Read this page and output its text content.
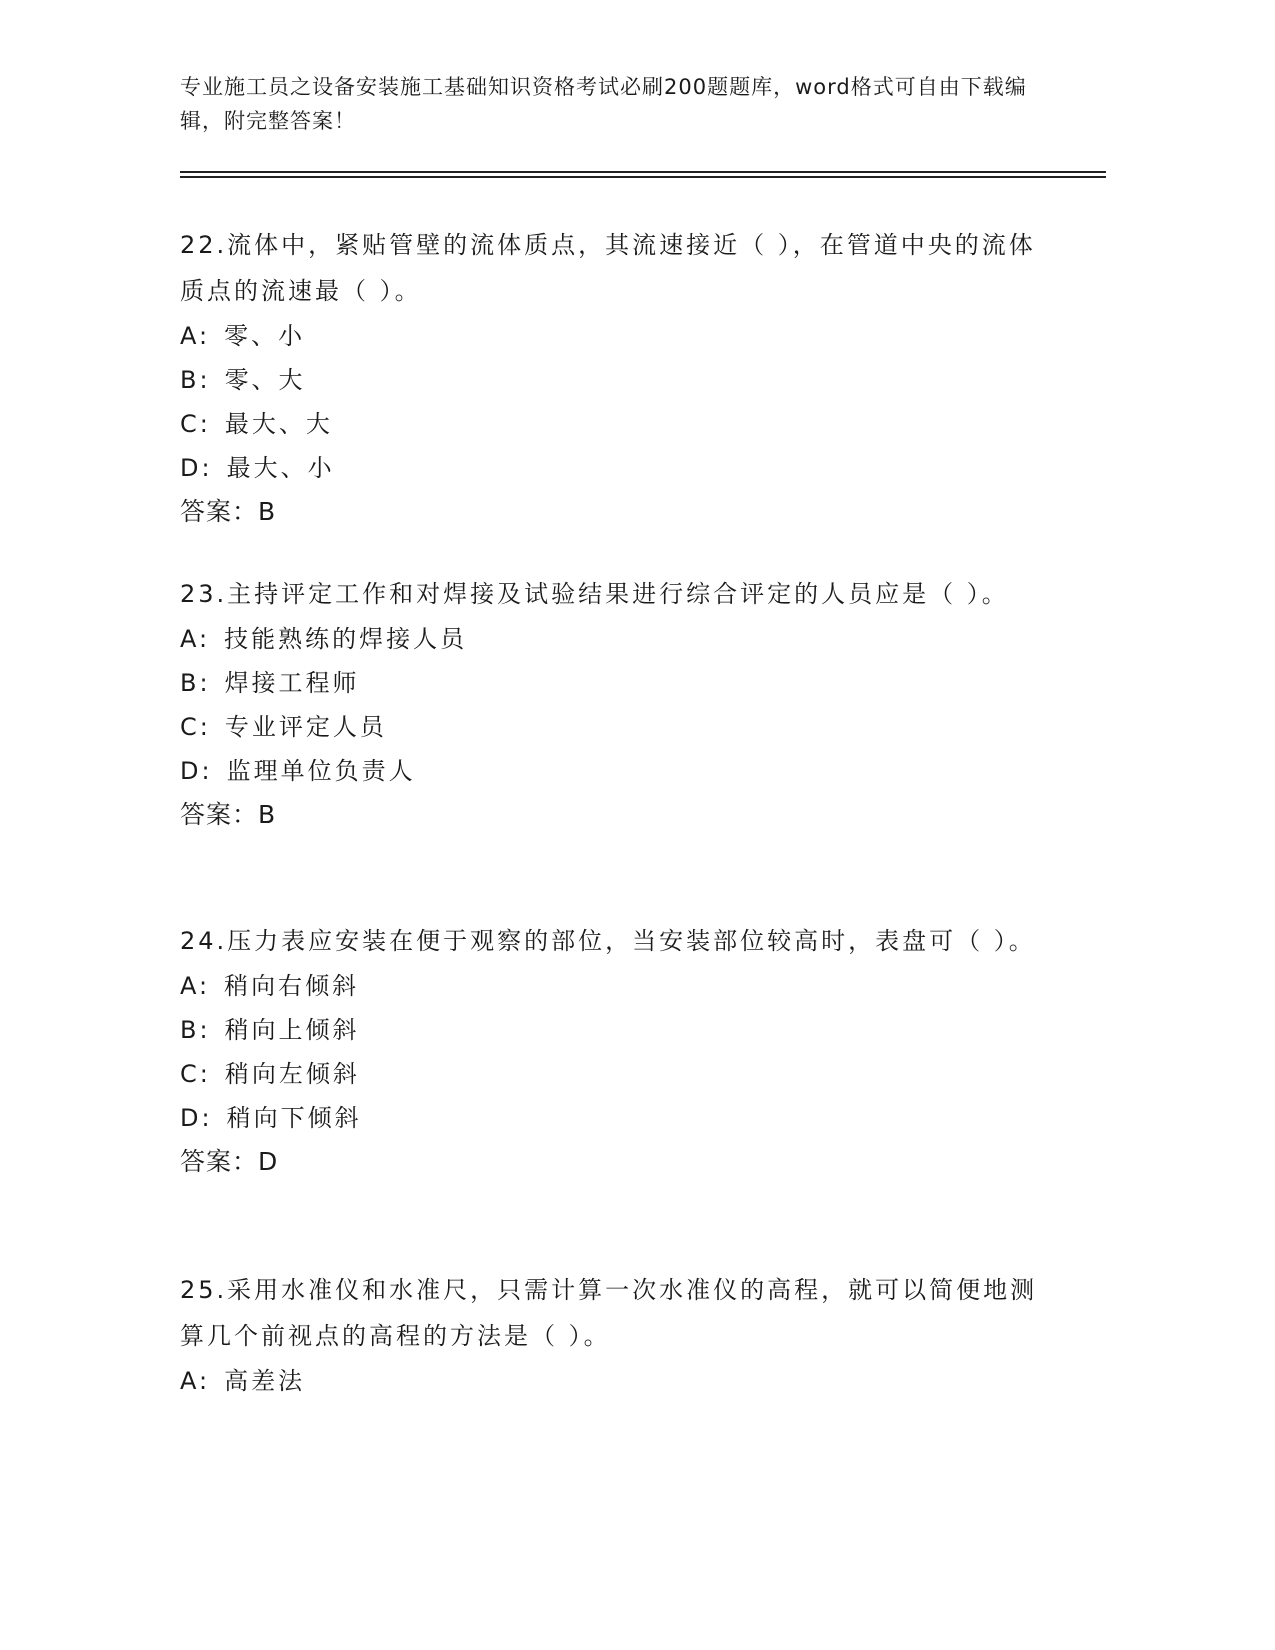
专业施工员之设备安装施工基础知识资格考试必刷200题题库，word格式可自由下载编辑，附完整答案！

22.流体中，紧贴管壁的流体质点，其流速接近（ ），在管道中央的流体质点的流速最（ ）。

A: 零、小

B: 零、大

C: 最大、大

D: 最大、小

答案：B

23.主持评定工作和对焊接及试验结果进行综合评定的人员应是（ ）。

A: 技能熟练的焊接人员

B: 焊接工程师

C: 专业评定人员

D: 监理单位负责人

答案：B

24.压力表应安装在便于观察的部位，当安装部位较高时，表盘可（ ）。

A: 稍向右倾斜

B: 稍向上倾斜

C: 稍向左倾斜

D: 稍向下倾斜

答案：D

25.采用水准仪和水准尺，只需计算一次水准仪的高程，就可以简便地测算几个前视点的高程的方法是（ ）。

A: 高差法
